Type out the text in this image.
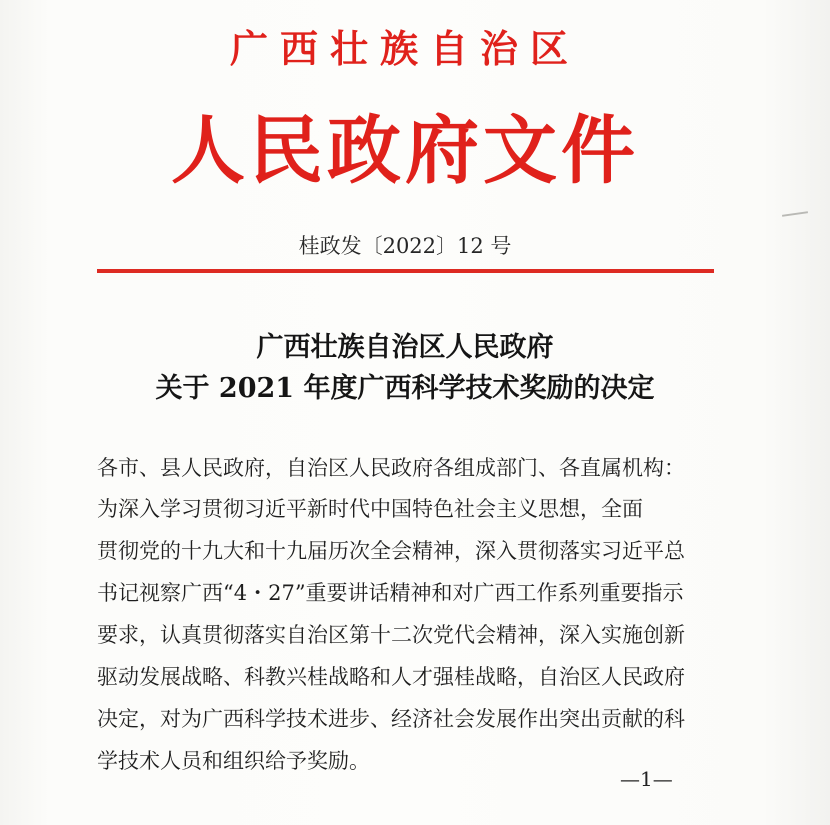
广西壮族自治区
人民政府文件
桂政发〔2022〕12 号
广西壮族自治区人民政府
关于 2021 年度广西科学技术奖励的决定
各市、县人民政府，自治区人民政府各组成部门、各直属机构：
为深入学习贯彻习近平新时代中国特色社会主义思想，全面
贯彻党的十九大和十九届历次全会精神，深入贯彻落实习近平总
书记视察广西“4・27”重要讲话精神和对广西工作系列重要指示
要求，认真贯彻落实自治区第十二次党代会精神，深入实施创新
驱动发展战略、科教兴桂战略和人才强桂战略，自治区人民政府
决定，对为广西科学技术进步、经济社会发展作出突出贡献的科
学技术人员和组织给予奖励。
—1—
